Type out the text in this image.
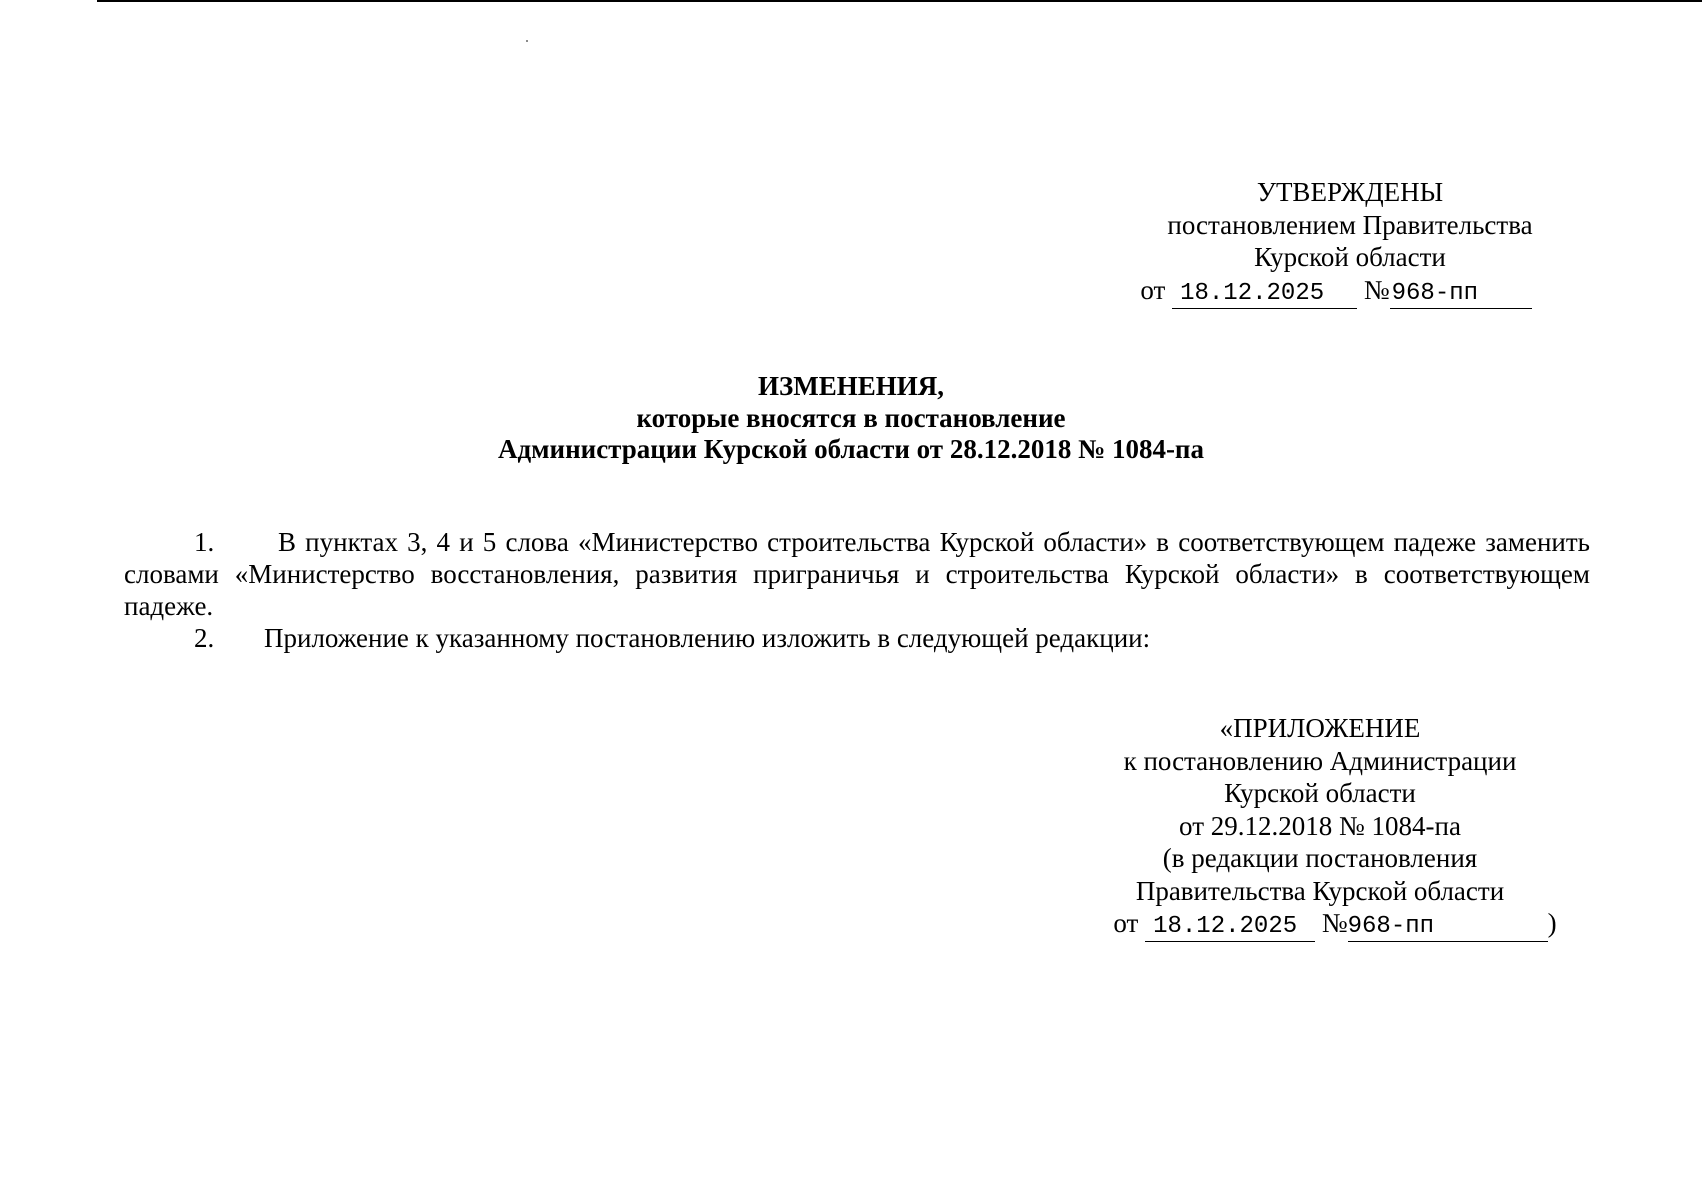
УТВЕРЖДЕНЫ
постановлением Правительства
Курской области
от 18.12.2025 №968-пп
ИЗМЕНЕНИЯ,
которые вносятся в постановление
Администрации Курской области от 28.12.2018 № 1084-па

1. В пунктах 3, 4 и 5 слова «Министерство строительства Курской области» в соответствующем падеже заменить словами «Министерство восстановления, развития приграничья и строительства Курской области» в соответствующем падеже.

2. Приложение к указанному постановлению изложить в следующей редакции:

«ПРИЛОЖЕНИЕ
к постановлению Администрации
Курской области
от 29.12.2018 № 1084-па
(в редакции постановления
Правительства Курской области
от 18.12.2025 №968-пп	)
